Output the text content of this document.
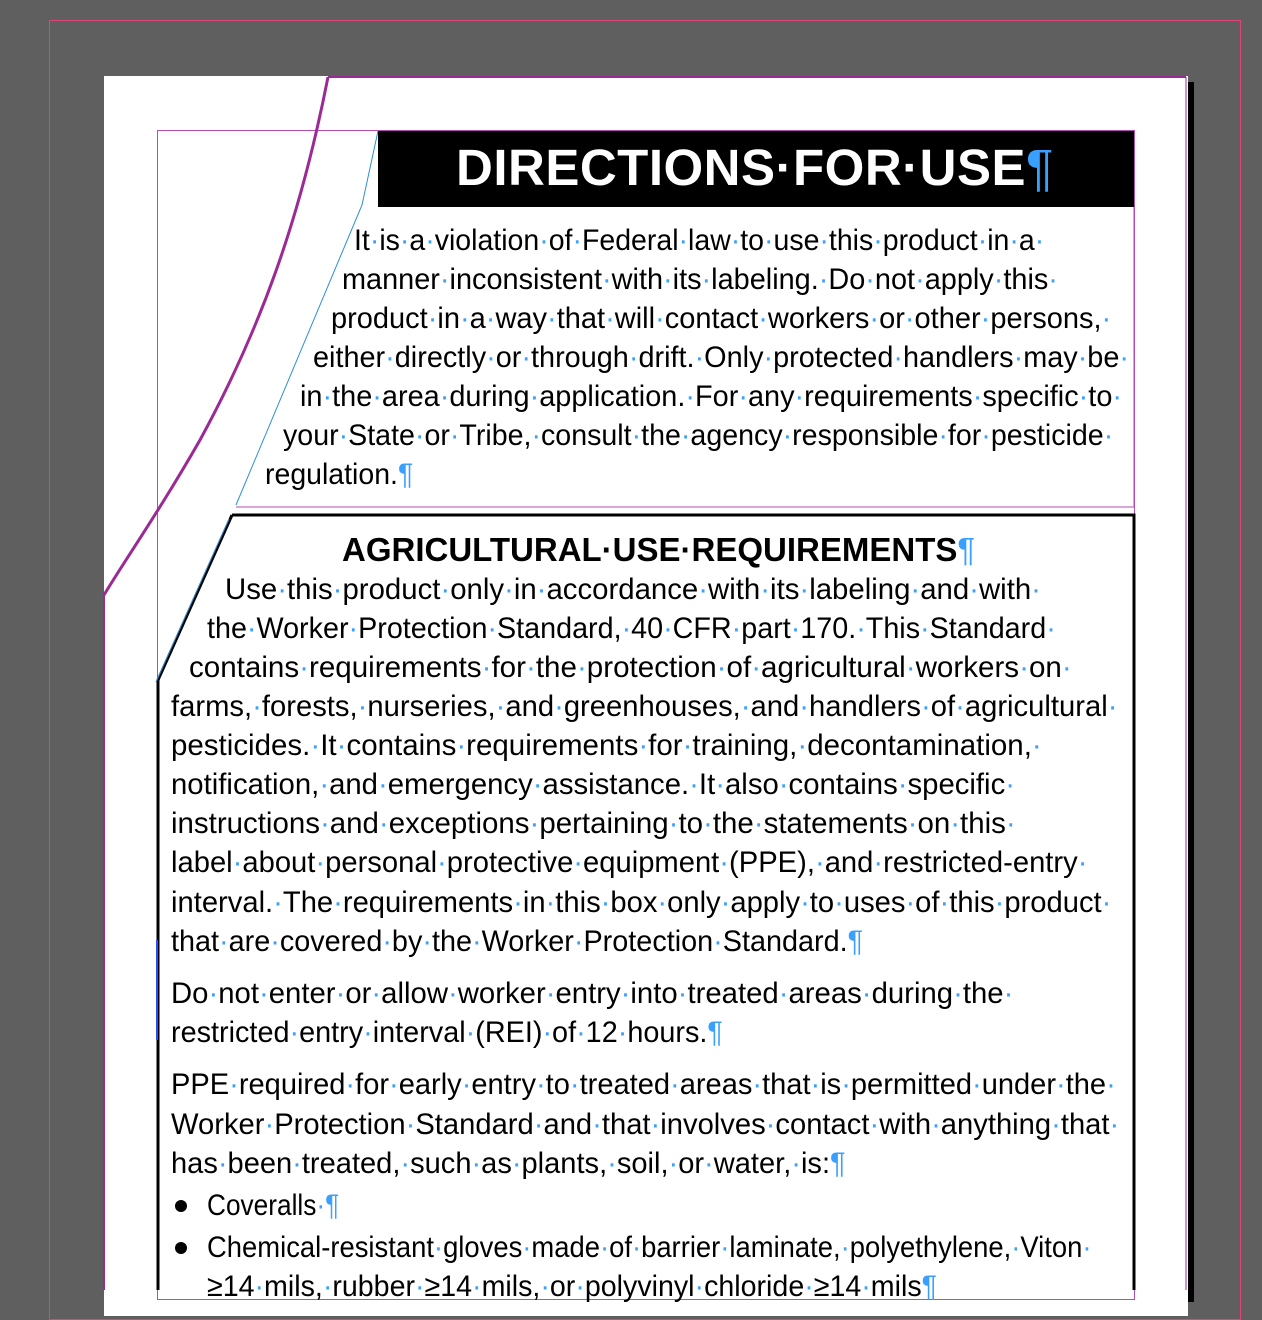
DIRECTIONS·FOR·USE¶
It·is·a·violation·of·Federal·law·to·use·this·product·in·a·
manner·inconsistent·with·its·labeling.·Do·not·apply·this·
product·in·a·way·that·will·contact·workers·or·other·persons,·
either·directly·or·through·drift.·Only·protected·handlers·may·be·
in·the·area·during·application.·For·any·requirements·specific·to·
your·State·or·Tribe,·consult·the·agency·responsible·for·pesticide·
regulation.¶
AGRICULTURAL·USE·REQUIREMENTS¶
Use·this·product·only·in·accordance·with·its·labeling·and·with·
the·Worker·Protection·Standard,·40·CFR·part·170.·This·Standard·
contains·requirements·for·the·protection·of·agricultural·workers·on·
farms,·forests,·nurseries,·and·greenhouses,·and·handlers·of·agricultural·
pesticides.·It·contains·requirements·for·training,·decontamination,·
notification,·and·emergency·assistance.·It·also·contains·specific·
instructions·and·exceptions·pertaining·to·the·statements·on·this·
label·about·personal·protective·equipment·(PPE),·and·restricted-entry·
interval.·The·requirements·in·this·box·only·apply·to·uses·of·this·product·
that·are·covered·by·the·Worker·Protection·Standard.¶
Do·not·enter·or·allow·worker·entry·into·treated·areas·during·the·
restricted·entry·interval·(REI)·of·12·hours.¶
PPE·required·for·early·entry·to·treated·areas·that·is·permitted·under·the·
Worker·Protection·Standard·and·that·involves·contact·with·anything·that·
has·been·treated,·such·as·plants,·soil,·or·water,·is:¶
Coveralls·¶
Chemical-resistant·gloves·made·of·barrier·laminate,·polyethylene,·Viton·
≥14·mils,·rubber·≥14·mils,·or·polyvinyl·chloride·≥14·mils¶
